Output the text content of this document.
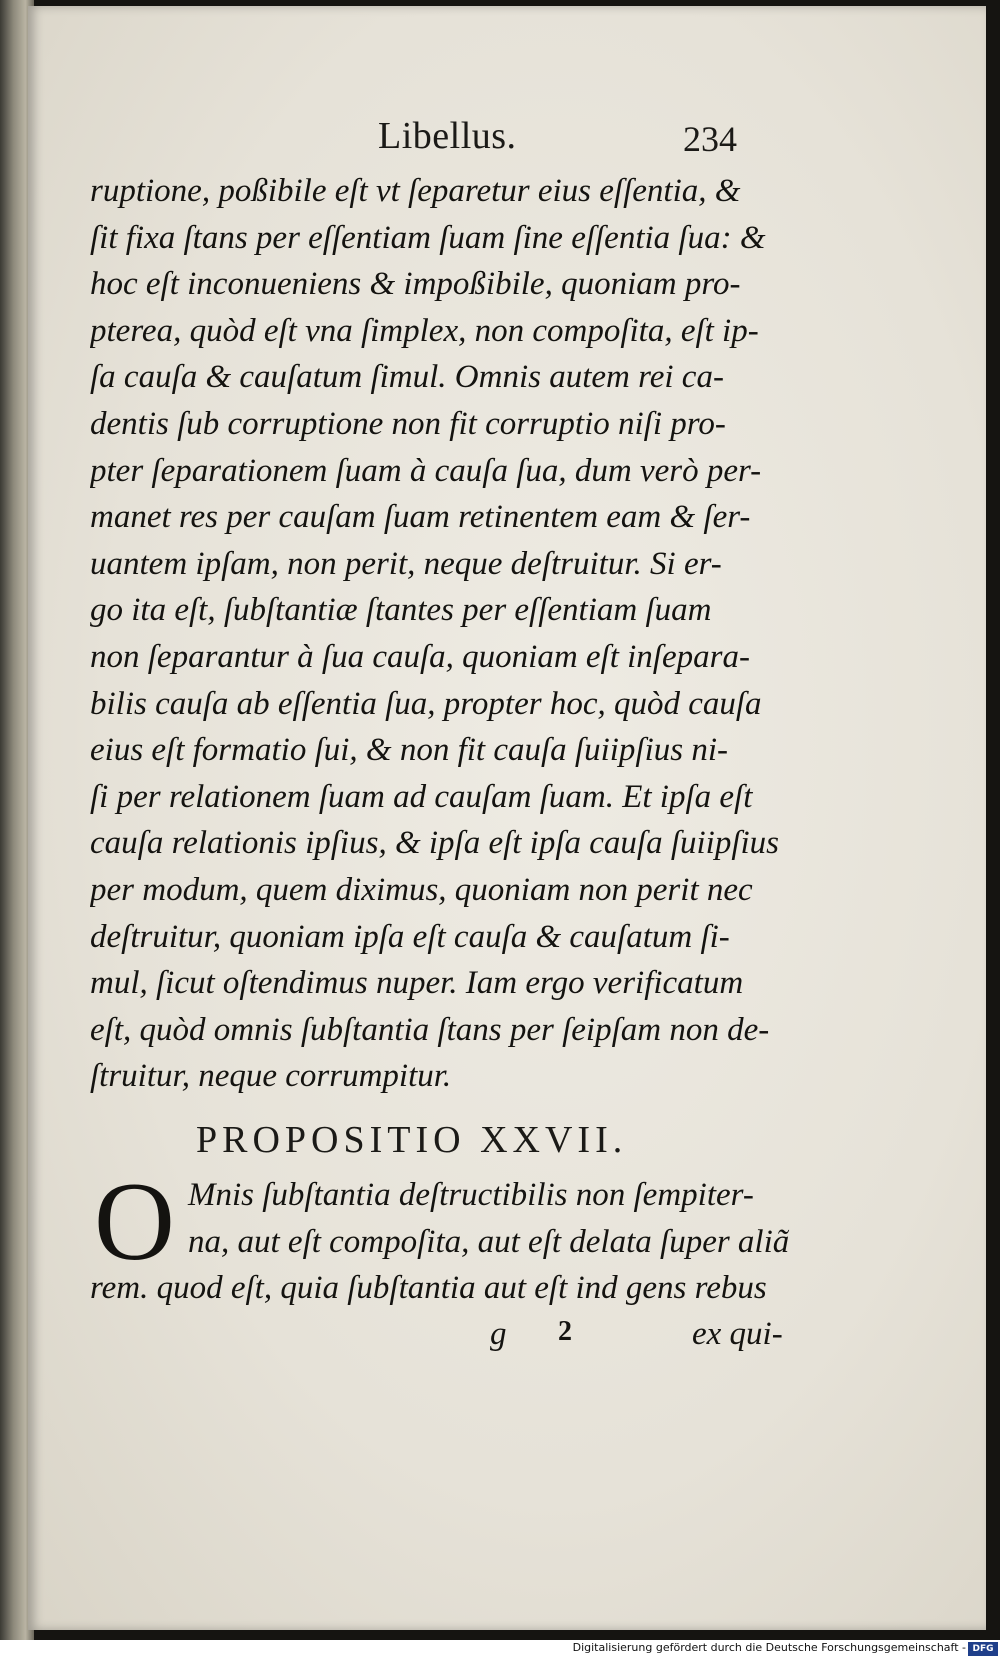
Libellus.	234
ruptione, poßibile eſt vt ſeparetur eius eſſentia, &
ſit fixa ſtans per eſſentiam ſuam ſine eſſentia ſua: &
hoc eſt inconueniens & impoßibile, quoniam pro-
pterea, quòd eſt vna ſimplex, non compoſita, eſt ip-
ſa cauſa & cauſatum ſimul. Omnis autem rei ca-
dentis ſub corruptione non fit corruptio niſi pro-
pter ſeparationem ſuam à cauſa ſua, dum verò per-
manet res per cauſam ſuam retinentem eam & ſer-
uantem ipſam, non perit, neque deſtruitur. Si er-
go ita eſt, ſubſtantiæ ſtantes per eſſentiam ſuam
non ſeparantur à ſua cauſa, quoniam eſt inſepara-
bilis cauſa ab eſſentia ſua, propter hoc, quòd cauſa
eius eſt formatio ſui, & non fit cauſa ſuiipſius ni-
ſi per relationem ſuam ad cauſam ſuam. Et ipſa eſt
cauſa relationis ipſius, & ipſa eſt ipſa cauſa ſuiipſius
per modum, quem diximus, quoniam non perit nec
deſtruitur, quoniam ipſa eſt cauſa & cauſatum ſi-
mul, ſicut oſtendimus nuper. Iam ergo verificatum
eſt, quòd omnis ſubſtantia ſtans per ſeipſam non de-
ſtruitur, neque corrumpitur.
PROPOSITIO XXVII.
O Mnis ſubſtantia deſtructibilis non ſempiter-
na, aut eſt compoſita, aut eſt delata ſuper aliã
rem. quod eſt, quia ſubſtantia aut eſt ind gens rebus
g 2	ex qui-
Digitalisierung gefördert durch die Deutsche Forschungsgemeinschaft - DFG
